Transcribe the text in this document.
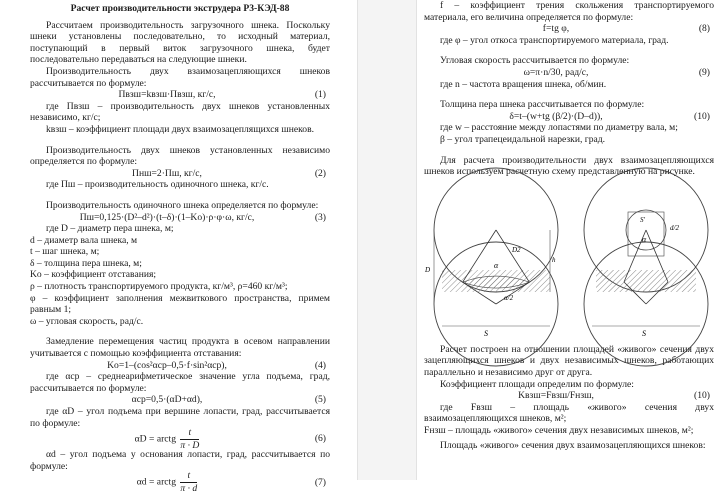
Расчет производительности экструдера Р3-КЭД-88

Рассчитаем производительность загрузочного шнека. Поскольку шнеки установлены последовательно, то исходный материал, поступающий в первый виток загрузочного шнека, будет последовательно передаваться на следующие шнеки.

Производительность двух взаимозацепляющихся шнеков рассчитывается по формуле:

Пвзш=kвзш·Пвзш, кг/с,	(1)

где Пвзш – производительность двух шнеков установленных независимо, кг/с;

kвзш – коэффициент площади двух взаимозацеплящихся шнеков.

Производительность двух шнеков установленных независимо определяется по формуле:

Пнш=2·Пш, кг/с,	(2)

где Пш – производительность одиночного шнека, кг/с.

Производительность одиночного шнека определяется по формуле:

Пш=0,125·(D²–d²)·(t–δ)·(1–Kо)·ρ·φ·ω, кг/с,	(3)

где D – диаметр пера шнека, м;

d – диаметр вала шнека, м

t – шаг шнека, м;

δ – толщина пера шнека, м;

Kо – коэффициент отставания;

ρ – плотность транспортируемого продукта, кг/м³, ρ=460 кг/м³;

φ – коэффициент заполнения межвиткового пространства, примем равным 1;

ω – угловая скорость, рад/с.

Замедление перемещения частиц продукта в осевом направлении учитывается с помощью коэффициента отставания:

Kо=1–(cos²αср–0,5·f·sin²αср),	(4)

где αср – среднеарифметическое значение угла подъема, град, рассчитывается по формуле:

αср=0,5·(αD+αd),	(5)

где αD – угол подъема при вершине лопасти, град, рассчитывается по формуле:

αD = arctg $\frac{t}{\pi \cdot D}$	(6)

αd – угол подъема у основания лопасти, град, рассчитывается по формуле:

αd = arctg $\frac{t}{\pi \cdot d}$	(7)

f – коэффициент трения скольжения транспортируемого материала, его величина определяется по формуле:

f=tg φ,	(8)

где φ – угол откоса транспортируемого материала, град.

Угловая скорость рассчитывается по формуле:

ω=π·n/30, рад/с,	(9)

где n – частота вращения шнека, об/мин.

Толщина пера шнека рассчитывается по формуле:

δ=t–(w+tg (β/2)·(D–d)),	(10)

где w – расстояние между лопастями по диаметру вала, м;

β – угол трапецеидальной нарезки, град.

Для расчета производительности двух взаимозацепляющихся шнеков используем расчетную схему представленную на рисунке.

α
D2
S
D
α/2
h
α
S'
S
d/2

Расчет построен на отношении площадей «живого» сечения двух зацепляющихся шнеков и двух независимых шнеков, работающих параллельно и независимо друг от друга.

Коэффициент площади определим по формуле:

Kвзш=Fвзш/Fнзш,	(10)

где Fвзш – площадь «живого» сечения двух взаимозацепляющихся шнеков, м²;

Fнзш – площадь «живого» сечения двух независимых шнеков, м²;

Площадь «живого» сечения двух взаимозацепляющихся шнеков:
